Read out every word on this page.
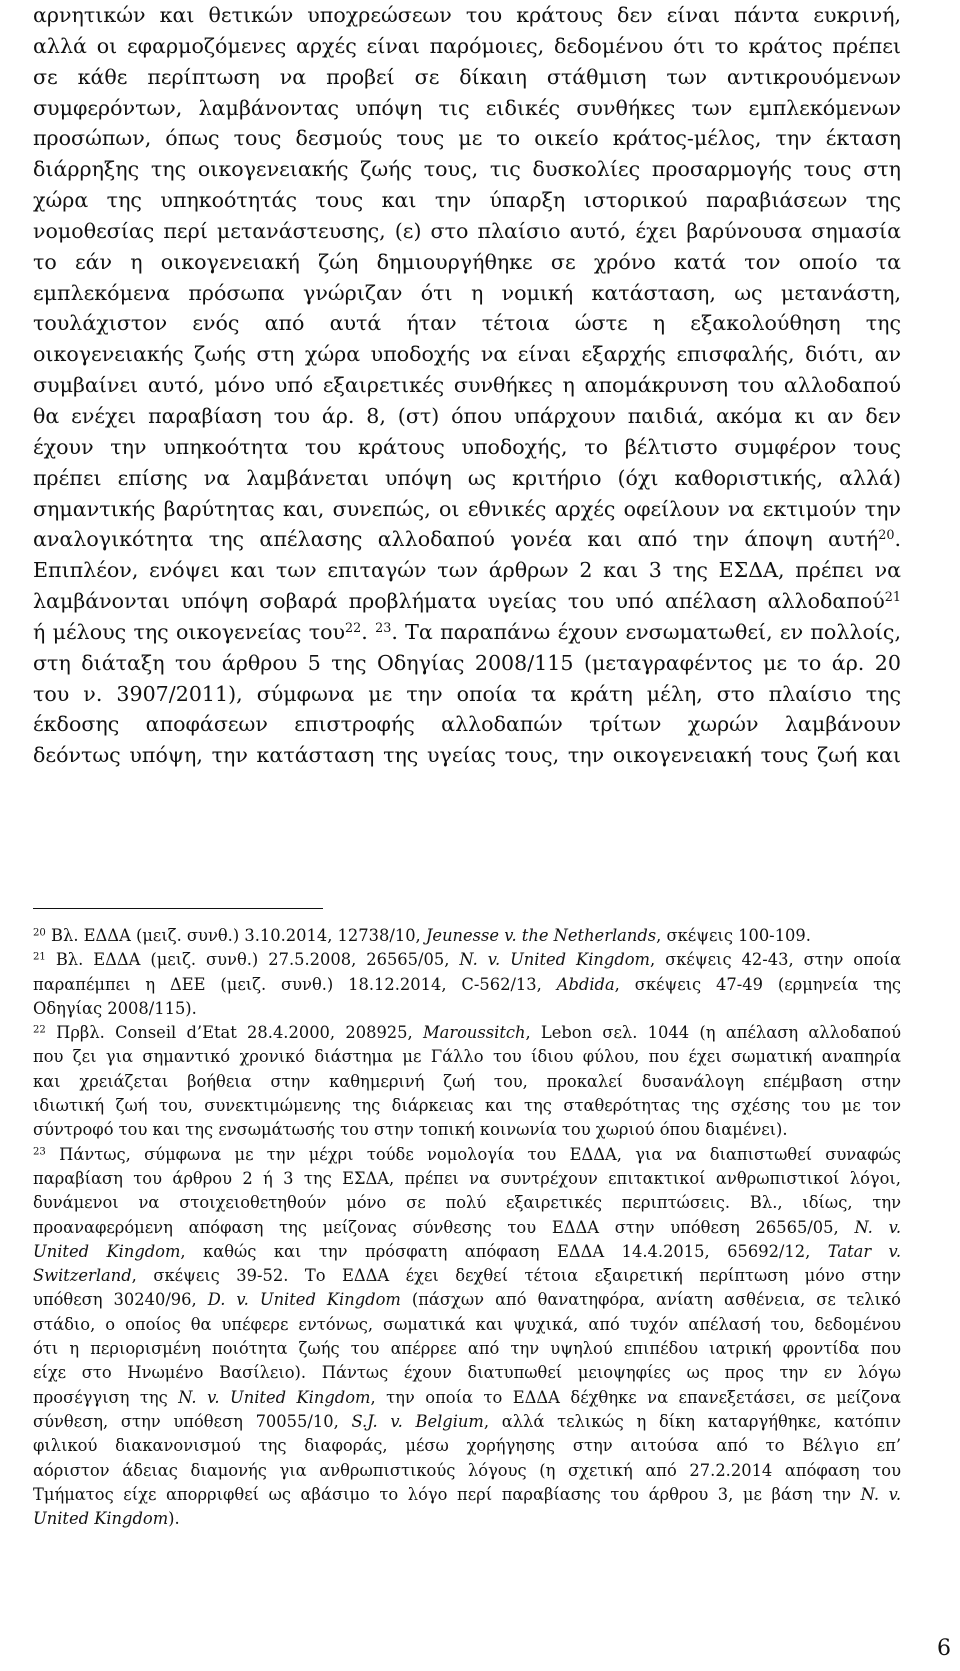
αρνητικών και θετικών υποχρεώσεων του κράτους δεν είναι πάντα ευκρινή,
αλλά οι εφαρμοζόμενες αρχές είναι παρόμοιες, δεδομένου ότι το κράτος πρέπει
σε κάθε περίπτωση να προβεί σε δίκαιη στάθμιση των αντικρουόμενων
συμφερόντων, λαμβάνοντας υπόψη τις ειδικές συνθήκες των εμπλεκόμενων
προσώπων, όπως τους δεσμούς τους με το οικείο κράτος-μέλος, την έκταση
διάρρηξης της οικογενειακής ζωής τους, τις δυσκολίες προσαρμογής τους στη
χώρα της υπηκοότητάς τους και την ύπαρξη ιστορικού παραβιάσεων της
νομοθεσίας περί μετανάστευσης, (ε) στο πλαίσιο αυτό, έχει βαρύνουσα σημασία
το εάν η οικογενειακή ζώη δημιουργήθηκε σε χρόνο κατά τον οποίο τα
εμπλεκόμενα πρόσωπα γνώριζαν ότι η νομική κατάσταση, ως μετανάστη,
τουλάχιστον ενός από αυτά ήταν τέτοια ώστε η εξακολούθηση της
οικογενειακής ζωής στη χώρα υποδοχής να είναι εξαρχής επισφαλής, διότι, αν
συμβαίνει αυτό, μόνο υπό εξαιρετικές συνθήκες η απομάκρυνση του αλλοδαπού
θα ενέχει παραβίαση του άρ. 8, (στ) όπου υπάρχουν παιδιά, ακόμα κι αν δεν
έχουν την υπηκοότητα του κράτους υποδοχής, το βέλτιστο συμφέρον τους
πρέπει επίσης να λαμβάνεται υπόψη ως κριτήριο (όχι καθοριστικής, αλλά)
σημαντικής βαρύτητας και, συνεπώς, οι εθνικές αρχές οφείλουν να εκτιμούν την
αναλογικότητα της απέλασης αλλοδαπού γονέα και από την άποψη αυτή$^{20}$.
Επιπλέον, ενόψει και των επιταγών των άρθρων 2 και 3 της ΕΣΔΑ, πρέπει να
λαμβάνονται υπόψη σοβαρά προβλήματα υγείας του υπό απέλαση αλλοδαπού$^{21}$
ή μέλους της οικογενείας του$^{22}$. $^{23}$. Τα παραπάνω έχουν ενσωματωθεί, εν πολλοίς,
στη διάταξη του άρθρου 5 της Οδηγίας 2008/115 (μεταγραφέντος με το άρ. 20
του ν. 3907/2011), σύμφωνα με την οποία τα κράτη μέλη, στο πλαίσιο της
έκδοσης αποφάσεων επιστροφής αλλοδαπών τρίτων χωρών λαμβάνουν
δεόντως υπόψη, την κατάσταση της υγείας τους, την οικογενειακή τους ζωή και
$^{20}$ Βλ. ΕΔΔΑ (μειζ. συνθ.) 3.10.2014, 12738/10, Jeunesse v. the Netherlands, σκέψεις 100-109.
$^{21}$ Βλ. ΕΔΔΑ (μειζ. συνθ.) 27.5.2008, 26565/05, N. v. United Kingdom, σκέψεις 42-43, στην οποία
παραπέμπει η ΔΕΕ (μειζ. συνθ.) 18.12.2014, C-562/13, Abdida, σκέψεις 47-49 (ερμηνεία της
Οδηγίας 2008/115).
$^{22}$ Πρβλ. Conseil d’Etat 28.4.2000, 208925, Maroussitch, Lebon σελ. 1044 (η απέλαση αλλοδαπού
που ζει για σημαντικό χρονικό διάστημα με Γάλλο του ίδιου φύλου, που έχει σωματική αναπηρία
και χρειάζεται βοήθεια στην καθημερινή ζωή του, προκαλεί δυσανάλογη επέμβαση στην
ιδιωτική ζωή του, συνεκτιμώμενης της διάρκειας και της σταθερότητας της σχέσης του με τον
σύντροφό του και της ενσωμάτωσής του στην τοπική κοινωνία του χωριού όπου διαμένει).
$^{23}$ Πάντως, σύμφωνα με την μέχρι τούδε νομολογία του ΕΔΔΑ, για να διαπιστωθεί συναφώς
παραβίαση του άρθρου 2 ή 3 της ΕΣΔΑ, πρέπει να συντρέχουν επιτακτικοί ανθρωπιστικοί λόγοι,
δυνάμενοι να στοιχειοθετηθούν μόνο σε πολύ εξαιρετικές περιπτώσεις. Βλ., ιδίως, την
προαναφερόμενη απόφαση της μείζονας σύνθεσης του ΕΔΔΑ στην υπόθεση 26565/05, N. v.
United Kingdom, καθώς και την πρόσφατη απόφαση ΕΔΔΑ 14.4.2015, 65692/12, Tatar v.
Switzerland, σκέψεις 39-52. Το ΕΔΔΑ έχει δεχθεί τέτοια εξαιρετική περίπτωση μόνο στην
υπόθεση 30240/96, D. v. United Kingdom (πάσχων από θανατηφόρα, ανίατη ασθένεια, σε τελικό
στάδιο, ο οποίος θα υπέφερε εντόνως, σωματικά και ψυχικά, από τυχόν απέλασή του, δεδομένου
ότι η περιορισμένη ποιότητα ζωής του απέρρεε από την υψηλού επιπέδου ιατρική φροντίδα που
είχε στο Ηνωμένο Βασίλειο). Πάντως έχουν διατυπωθεί μειοψηφίες ως προς την εν λόγω
προσέγγιση της N. v. United Kingdom, την οποία το ΕΔΔΑ δέχθηκε να επανεξετάσει, σε μείζονα
σύνθεση, στην υπόθεση 70055/10, S.J. v. Belgium, αλλά τελικώς η δίκη καταργήθηκε, κατόπιν
φιλικού διακανονισμού της διαφοράς, μέσω χορήγησης στην αιτούσα από το Βέλγιο επ’
αόριστον άδειας διαμονής για ανθρωπιστικούς λόγους (η σχετική από 27.2.2014 απόφαση του
Τμήματος είχε απορριφθεί ως αβάσιμο το λόγο περί παραβίασης του άρθρου 3, με βάση την N. v.
United Kingdom).
6
